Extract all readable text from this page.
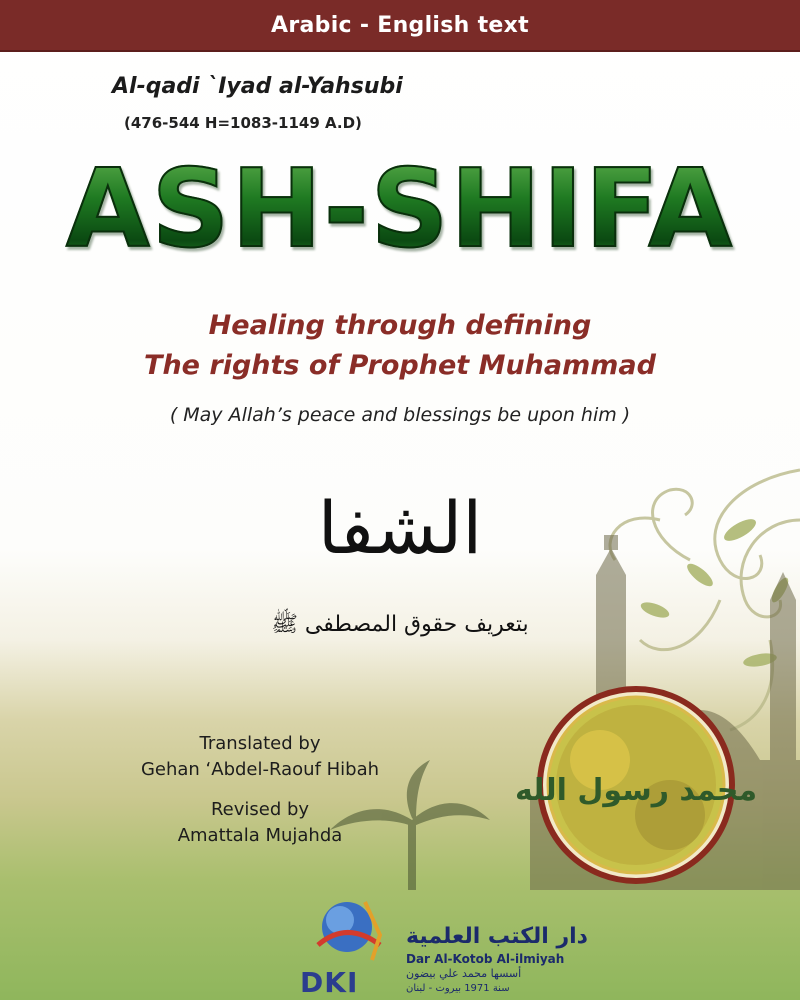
Arabic - English text
Al-qadi `Iyad al-Yahsubi
(476-544 H=1083-1149 A.D)
ASH-SHIFA
Healing through defining
The rights of Prophet Muhammad
( May Allah’s peace and blessings be upon him )
الشفا
بتعريف حقوق المصطفى ﷺ
محمد رسول الله
Translated by
Gehan ‘Abdel-Raouf Hibah
Revised by
Amattala Mujahda
دار الكتب العلمية
Dar Al-Kotob Al-ilmiyah
أسسها محمد علي بيضون
سنة 1971 بيروت - لبنان
DKI
